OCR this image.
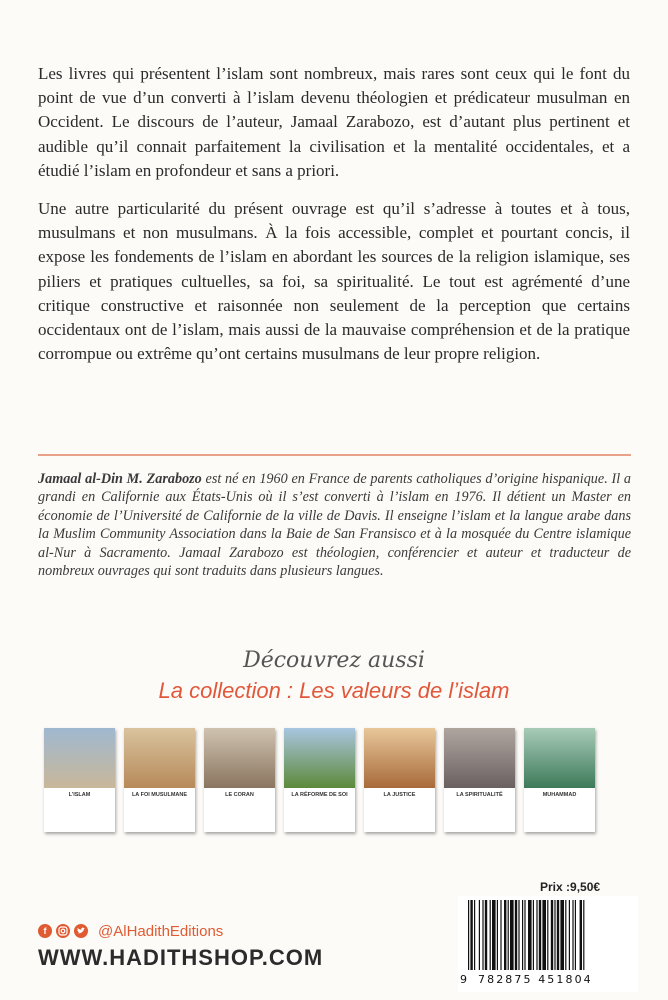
Les livres qui présentent l’islam sont nombreux, mais rares sont ceux qui le font du point de vue d’un converti à l’islam devenu théologien et prédicateur musulman en Occident. Le discours de l’auteur, Jamaal Zarabozo, est d’autant plus pertinent et audible qu’il connait parfaitement la civilisation et la mentalité occidentales, et a étudié l’islam en profondeur et sans a priori.

Une autre particularité du présent ouvrage est qu’il s’adresse à toutes et à tous, musulmans et non musulmans. À la fois accessible, complet et pourtant concis, il expose les fondements de l’islam en abordant les sources de la religion islamique, ses piliers et pratiques cultuelles, sa foi, sa spiritualité. Le tout est agrémenté d’une critique constructive et raisonnée non seulement de la perception que certains occidentaux ont de l’islam, mais aussi de la mauvaise compréhension et de la pratique corrompue ou extrême qu’ont certains musulmans de leur propre religion.

Jamaal al-Din M. Zarabozo est né en 1960 en France de parents catholiques d’origine hispanique. Il a grandi en Californie aux États-Unis où il s’est converti à l’islam en 1976. Il détient un Master en économie de l’Université de Californie de la ville de Davis. Il enseigne l’islam et la langue arabe dans la Muslim Community Association dans la Baie de San Fransisco et à la mosquée du Centre islamique al-Nur à Sacramento. Jamaal Zarabozo est théologien, conférencier et auteur et traducteur de nombreux ouvrages qui sont traduits dans plusieurs langues.
Découvrez aussi
La collection : Les valeurs de l’islam
L’ISLAM	LA FOI MUSULMANE	LE CORAN	LA RÉFORME DE SOI	LA JUSTICE	LA SPIRITUALITÉ	MUHAMMAD
Prix :9,50€
9 782875 451804
f	@AlHadithEditions
WWW.HADITHSHOP.COM
